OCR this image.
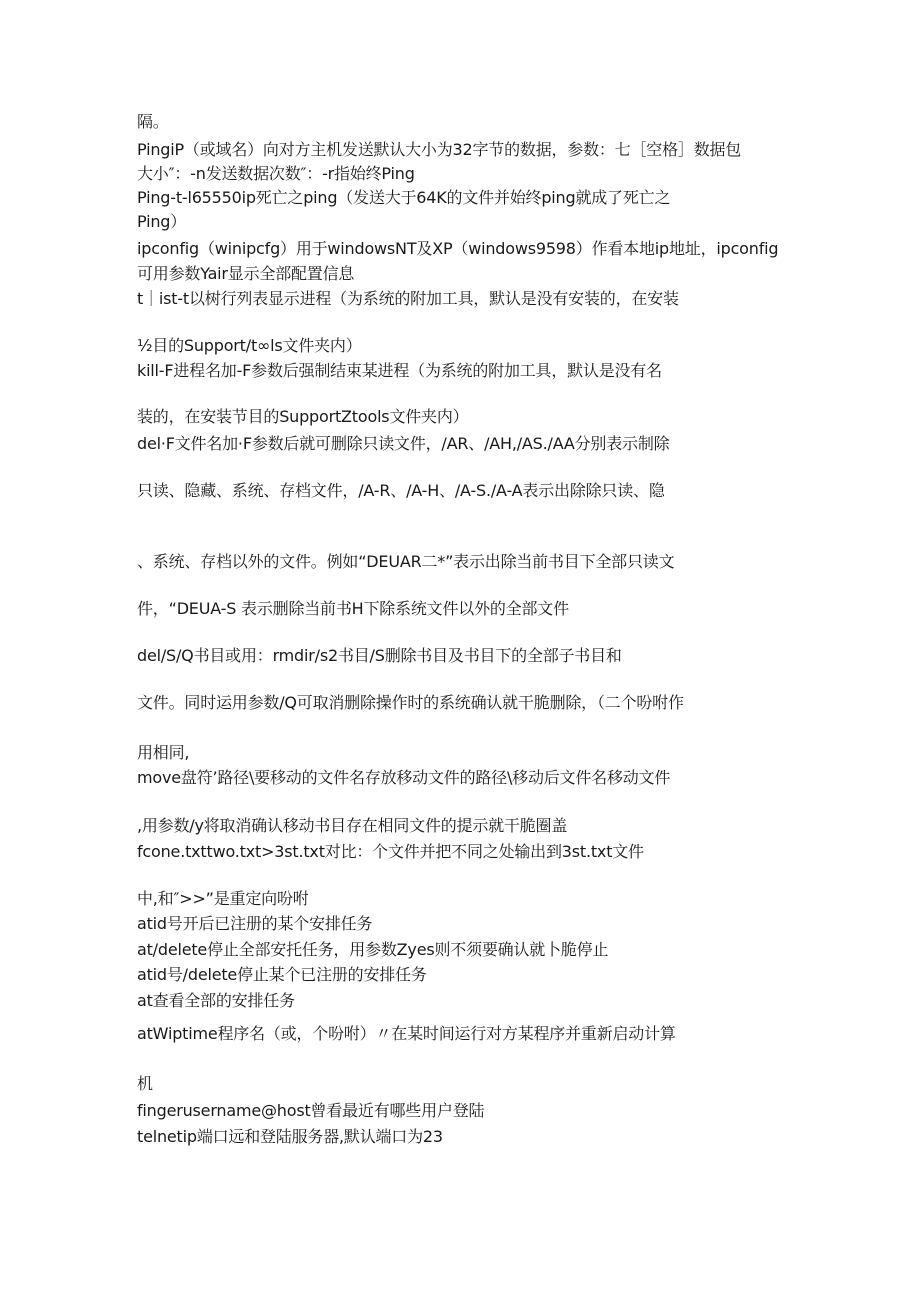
隔。
PingiP（或域名）向对方主机发送默认大小为32字节的数据，参数：七［空格］数据包
大小″：-n发送数据次数″：-r指始终Ping
Ping-t-l65550ip死亡之ping（发送大于64K的文件并始终ping就成了死亡之
Ping）
ipconfig（winipcfg）用于windowsNT及XP（windows9598）作看本地ip地址，ipconfig
可用参数Yair显示全部配置信息
t｜ist-t以树行列表显示进程（为系统的附加工具，默认是没有安装的，在安装
½目的Support∕t∞ls文件夹内）
kill-F进程名加-F参数后强制结束某进程（为系统的附加工具，默认是没有名
装的，在安装节目的SupportZtools文件夹内）
del·F文件名加·F参数后就可删除只读文件，/AR、/AH,/AS./AA分别表示制除
只读、隐藏、系统、存档文件，/A-R、/A-H、/A-S./A-A表示出除除只读、隐
、系统、存档以外的文件。例如“DEUAR二*”表示出除当前书目下全部只读文
件，“DEUA-S 表示删除当前书H下除系统文件以外的全部文件
del/S/Q书目或用：rmdir/s2书目/S删除书目及书目下的全部子书目和
文件。同时运用参数/Q可取消删除操作时的系统确认就干脆删除，（二个吩咐作
用相同,
move盘符’路径\要移动的文件名存放移动文件的路径\移动后文件名移动文件
,用参数/y将取消确认移动书目存在相同文件的提示就干脆圈盖
fcone.txttwo.txt>3st.txt对比：个文件并把不同之处输出到3st.txt文件
中,和″>>”是重定向吩咐
atid号开后已注册的某个安排任务
at/delete停止全部安托任务，用参数Zyes则不须要确认就卜脆停止
atid号/delete停止某个已注册的安排任务
at查看全部的安排任务
atWiptime程序名（或，个吩咐）〃在某时间运行对方某程序并重新启动计算
机
fingerusername@host曾看最近有哪些用户登陆
telnetip端口远和登陆服务器,默认端口为23
